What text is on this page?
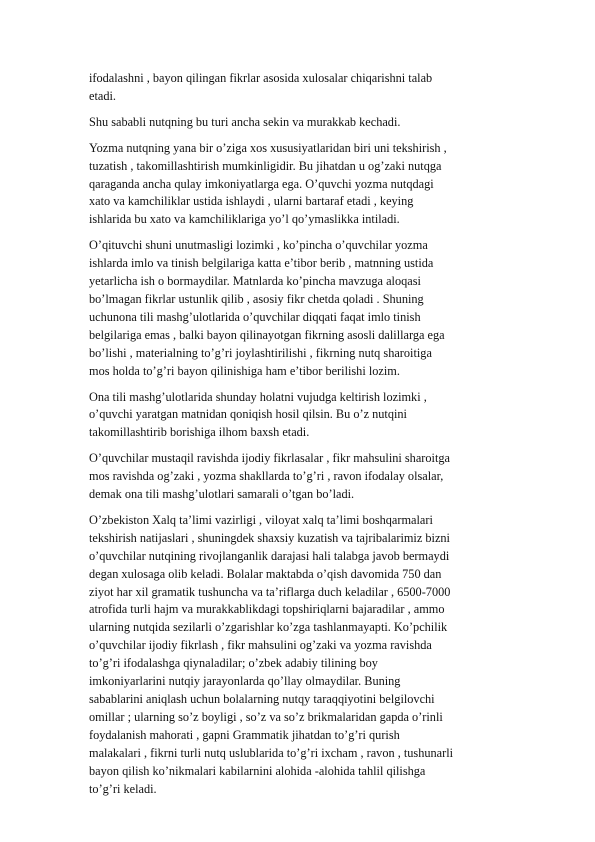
ifodalashni , bayon qilingan fikrlar asosida xulosalar chiqarishni talab
etadi.
Shu sababli nutqning bu turi ancha sekin va murakkab kechadi.
Yozma nutqning yana bir o’ziga xos xususiyatlaridan biri uni tekshirish ,
tuzatish , takomillashtirish mumkinligidir. Bu jihatdan u og’zaki nutqga
qaraganda ancha qulay imkoniyatlarga ega. O’quvchi yozma nutqdagi
xato va kamchiliklar ustida ishlaydi , ularni bartaraf etadi , keying
ishlarida bu xato va kamchiliklariga yo’l qo’ymaslikka intiladi.
O’qituvchi shuni unutmasligi lozimki , ko’pincha o’quvchilar yozma
ishlarda imlo va tinish belgilariga katta e’tibor berib , matnning ustida
yetarlicha ish o bormaydilar. Matnlarda ko’pincha mavzuga aloqasi
bo’lmagan fikrlar ustunlik qilib , asosiy fikr chetda qoladi . Shuning
uchunona tili mashg’ulotlarida o’quvchilar diqqati faqat imlo tinish
belgilariga emas , balki bayon qilinayotgan fikrning asosli dalillarga ega
bo’lishi , materialning to’g’ri joylashtirilishi , fikrning nutq sharoitiga
mos holda to’g’ri bayon qilinishiga ham e’tibor berilishi lozim.
Ona tili mashg’ulotlarida shunday holatni vujudga keltirish lozimki ,
o’quvchi yaratgan matnidan qoniqish hosil qilsin. Bu o’z nutqini
takomillashtirib borishiga ilhom baxsh etadi.
O’quvchilar mustaqil ravishda ijodiy fikrlasalar , fikr mahsulini sharoitga
mos ravishda og’zaki , yozma shakllarda to’g’ri , ravon ifodalay olsalar,
demak ona tili mashg’ulotlari samarali o’tgan bo’ladi.
O’zbekiston Xalq ta’limi vazirligi , viloyat xalq ta’limi boshqarmalari
tekshirish natijaslari , shuningdek shaxsiy kuzatish va tajribalarimiz bizni
o’quvchilar nutqining rivojlanganlik darajasi hali talabga javob bermaydi
degan xulosaga olib keladi. Bolalar maktabda o’qish davomida 750 dan
ziyot har xil gramatik tushuncha va ta’riflarga duch keladilar , 6500-7000
atrofida turli hajm va murakkablikdagi topshiriqlarni bajaradilar , ammo
ularning nutqida sezilarli o’zgarishlar ko’zga tashlanmayapti. Ko’pchilik
o’quvchilar ijodiy fikrlash , fikr mahsulini og’zaki va yozma ravishda
to’g’ri ifodalashga qiynaladilar; o’zbek adabiy tilining boy
imkoniyarlarini nutqiy jarayonlarda qo’llay olmaydilar. Buning
sabablarini aniqlash uchun bolalarning nutqy taraqqiyotini belgilovchi
omillar ; ularning so’z boyligi , so’z va so’z brikmalaridan gapda o’rinli
foydalanish mahorati , gapni Grammatik jihatdan to’g’ri qurish
malakalari , fikrni turli nutq uslublarida to’g’ri ixcham , ravon , tushunarli
bayon qilish ko’nikmalari kabilarnini alohida -alohida tahlil qilishga
to’g’ri keladi.
